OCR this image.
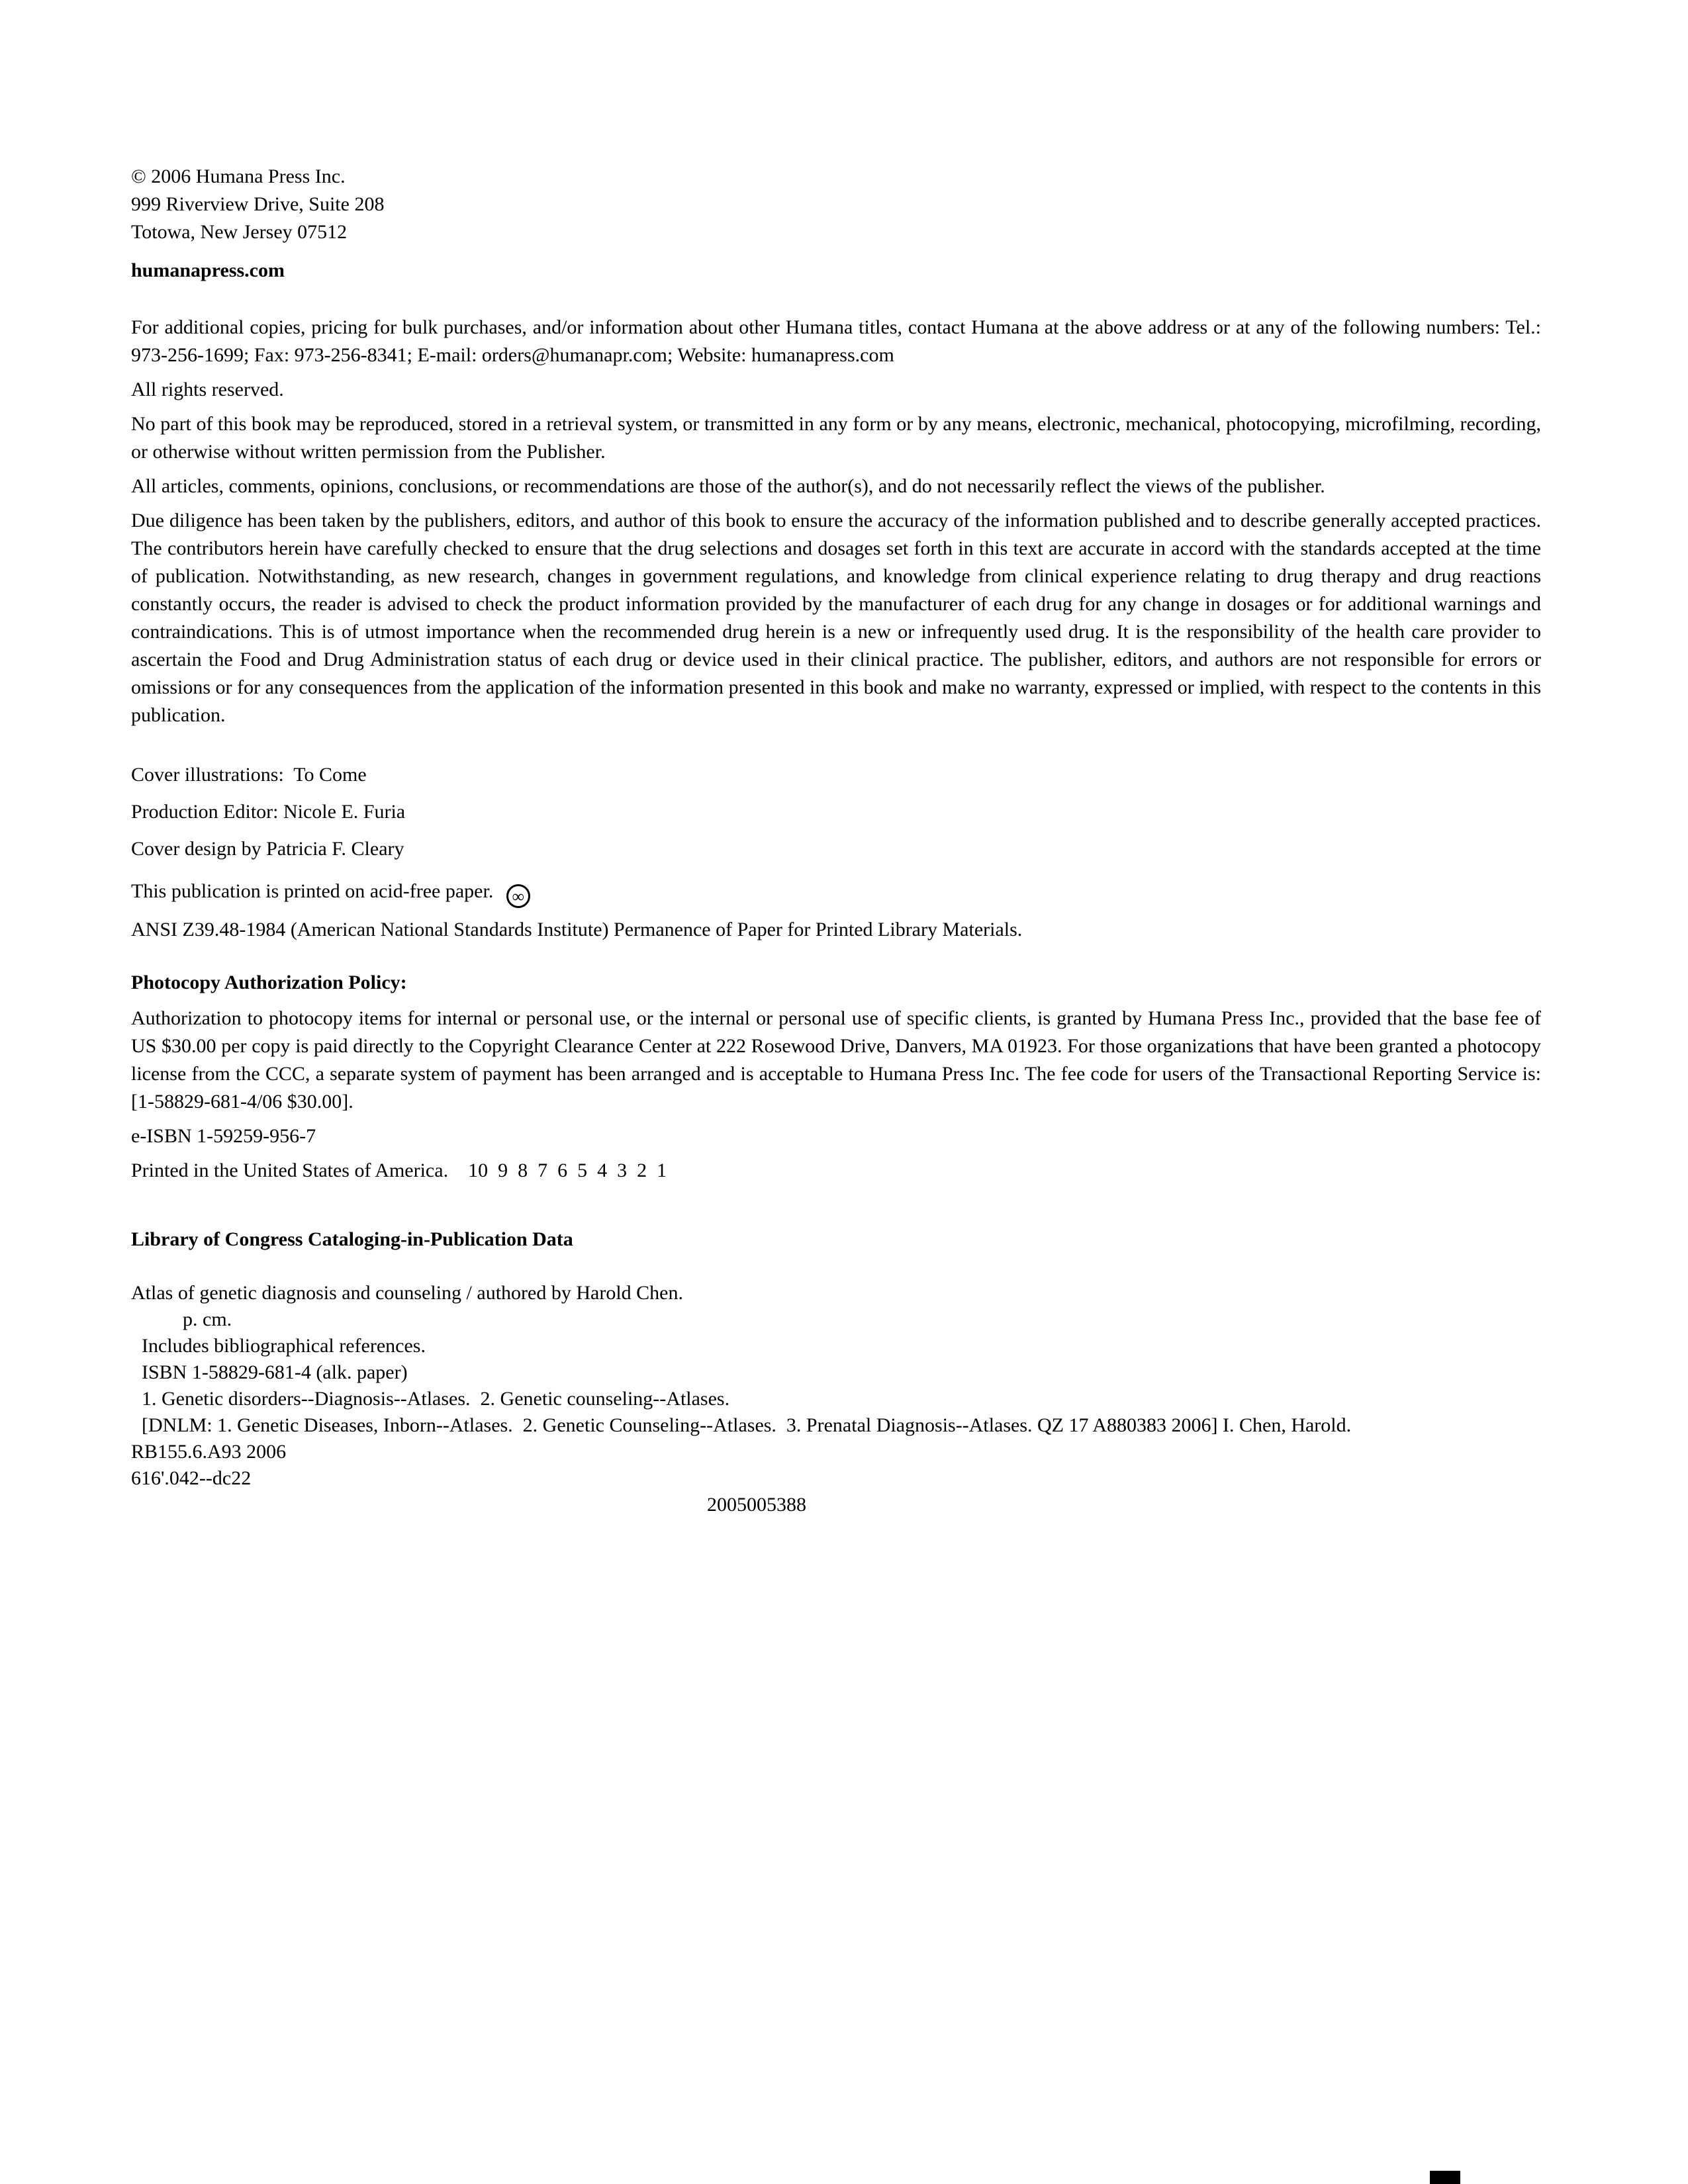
© 2006 Humana Press Inc.
999 Riverview Drive, Suite 208
Totowa, New Jersey 07512
humanapress.com

For additional copies, pricing for bulk purchases, and/or information about other Humana titles, contact Humana at the above address or at any of the following numbers: Tel.: 973-256-1699; Fax: 973-256-8341; E-mail: orders@humanapr.com; Website: humanapress.com

All rights reserved.

No part of this book may be reproduced, stored in a retrieval system, or transmitted in any form or by any means, electronic, mechanical, photocopying, microfilming, recording, or otherwise without written permission from the Publisher.

All articles, comments, opinions, conclusions, or recommendations are those of the author(s), and do not necessarily reflect the views of the publisher.

Due diligence has been taken by the publishers, editors, and author of this book to ensure the accuracy of the information published and to describe generally accepted practices. The contributors herein have carefully checked to ensure that the drug selections and dosages set forth in this text are accurate in accord with the standards accepted at the time of publication. Notwithstanding, as new research, changes in government regulations, and knowledge from clinical experience relating to drug therapy and drug reactions constantly occurs, the reader is advised to check the product information provided by the manufacturer of each drug for any change in dosages or for additional warnings and contraindications. This is of utmost importance when the recommended drug herein is a new or infrequently used drug. It is the responsibility of the health care provider to ascertain the Food and Drug Administration status of each drug or device used in their clinical practice. The publisher, editors, and authors are not responsible for errors or omissions or for any consequences from the application of the information presented in this book and make no warranty, expressed or implied, with respect to the contents in this publication.

Cover illustrations:  To Come
Production Editor: Nicole E. Furia
Cover design by Patricia F. Cleary
This publication is printed on acid-free paper. ∞

ANSI Z39.48-1984 (American National Standards Institute) Permanence of Paper for Printed Library Materials.

Photocopy Authorization Policy:

Authorization to photocopy items for internal or personal use, or the internal or personal use of specific clients, is granted by Humana Press Inc., provided that the base fee of US $30.00 per copy is paid directly to the Copyright Clearance Center at 222 Rosewood Drive, Danvers, MA 01923. For those organizations that have been granted a photocopy license from the CCC, a separate system of payment has been arranged and is acceptable to Humana Press Inc. The fee code for users of the Transactional Reporting Service is: [1-58829-681-4/06 $30.00].

e-ISBN 1-59259-956-7

Printed in the United States of America.    10  9  8  7  6  5  4  3  2  1

Library of Congress Cataloging-in-Publication Data
Atlas of genetic diagnosis and counseling / authored by Harold Chen.
p. cm.
Includes bibliographical references.
ISBN 1-58829-681-4 (alk. paper)
1. Genetic disorders--Diagnosis--Atlases.  2. Genetic counseling--Atlases.
[DNLM: 1. Genetic Diseases, Inborn--Atlases.  2. Genetic Counseling--Atlases.  3. Prenatal Diagnosis--Atlases. QZ 17 A880383 2006] I. Chen, Harold.
RB155.6.A93 2006
616'.042--dc22
2005005388
